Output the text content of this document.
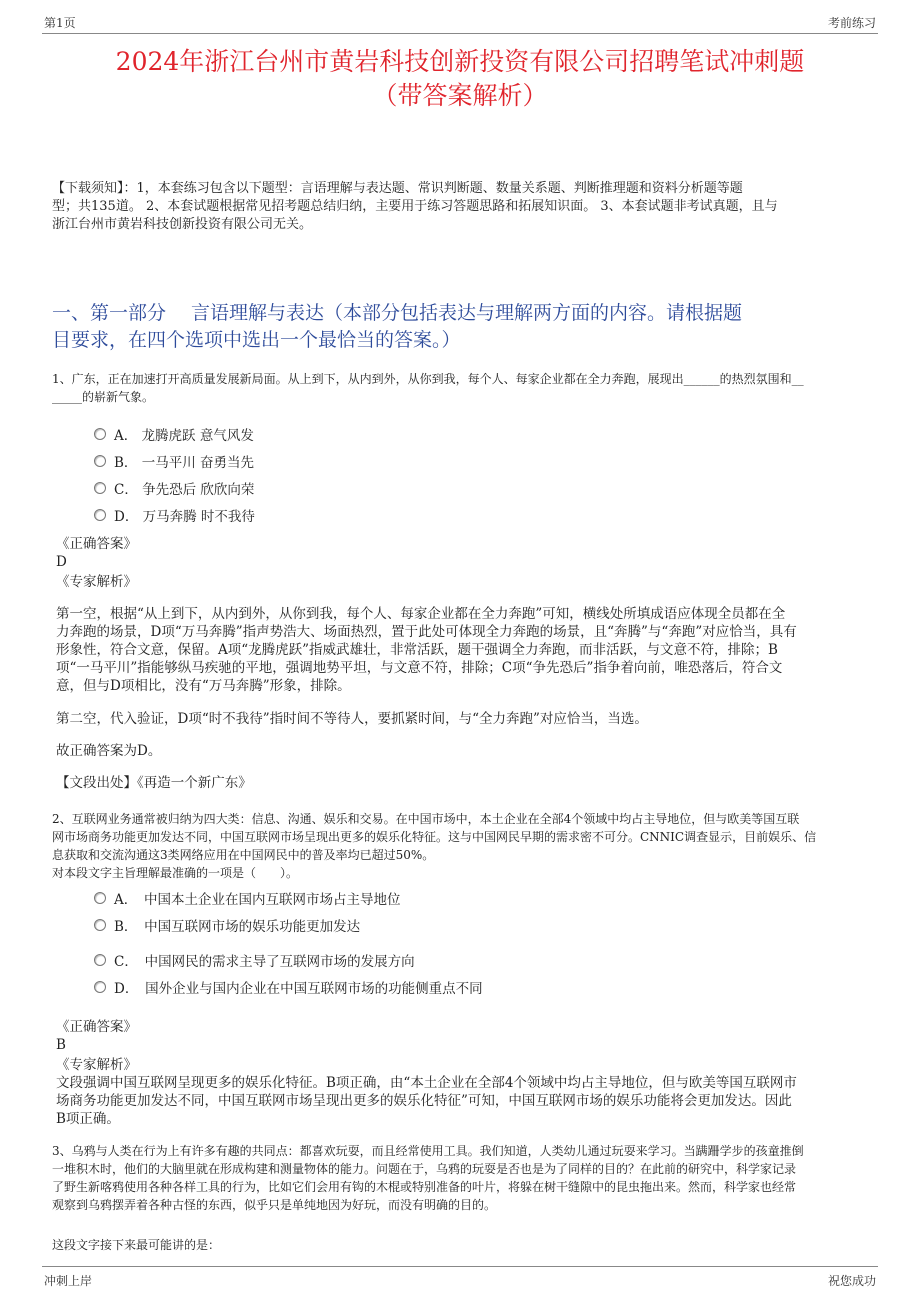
第1页	考前练习
2024年浙江台州市黄岩科技创新投资有限公司招聘笔试冲刺题
（带答案解析）
【下载须知】：1，本套练习包含以下题型：言语理解与表达题、常识判断题、数量关系题、判断推理题和资料分析题等题
型；共135道。 2、本套试题根据常见招考题总结归纳，主要用于练习答题思路和拓展知识面。 3、本套试题非考试真题，且与
浙江台州市黄岩科技创新投资有限公司无关。
一、第一部分　 言语理解与表达（本部分包括表达与理解两方面的内容。请根据题
目要求，在四个选项中选出一个最恰当的答案。）
1、广东，正在加速打开高质量发展新局面。从上到下，从内到外，从你到我，每个人、每家企业都在全力奔跑，展现出______的热烈氛围和__
_____的崭新气象。
A． 龙腾虎跃 意气风发
B． 一马平川 奋勇当先
C． 争先恐后 欣欣向荣
D． 万马奔腾 时不我待
《正确答案》
D
《专家解析》
第一空，根据“从上到下，从内到外，从你到我，每个人、每家企业都在全力奔跑”可知，横线处所填成语应体现全员都在全
力奔跑的场景，D项“万马奔腾”指声势浩大、场面热烈，置于此处可体现全力奔跑的场景，且“奔腾”与“奔跑”对应恰当，具有
形象性，符合文意，保留。A项“龙腾虎跃”指威武雄壮，非常活跃，题干强调全力奔跑，而非活跃，与文意不符，排除；B
项“一马平川”指能够纵马疾驰的平地，强调地势平坦，与文意不符，排除；C项“争先恐后”指争着向前，唯恐落后，符合文
意，但与D项相比，没有“万马奔腾”形象，排除。
第二空，代入验证，D项“时不我待”指时间不等待人，要抓紧时间，与“全力奔跑”对应恰当，当选。
故正确答案为D。
【文段出处】《再造一个新广东》
2、互联网业务通常被归纳为四大类：信息、沟通、娱乐和交易。在中国市场中，本土企业在全部4个领域中均占主导地位，但与欧美等国互联
网市场商务功能更加发达不同，中国互联网市场呈现出更多的娱乐化特征。这与中国网民早期的需求密不可分。CNNIC调查显示，目前娱乐、信
息获取和交流沟通这3类网络应用在中国网民中的普及率均已超过50%。
对本段文字主旨理解最准确的一项是（　　）。
A．　中国本土企业在国内互联网市场占主导地位
B．　中国互联网市场的娱乐功能更加发达
C．　中国网民的需求主导了互联网市场的发展方向
D．　国外企业与国内企业在中国互联网市场的功能侧重点不同
《正确答案》
B
《专家解析》
文段强调中国互联网呈现更多的娱乐化特征。B项正确，由“本土企业在全部4个领域中均占主导地位，但与欧美等国互联网市
场商务功能更加发达不同，中国互联网市场呈现出更多的娱乐化特征”可知，中国互联网市场的娱乐功能将会更加发达。因此
B项正确。
3、乌鸦与人类在行为上有许多有趣的共同点：都喜欢玩耍，而且经常使用工具。我们知道，人类幼儿通过玩耍来学习。当蹒跚学步的孩童推倒
一堆积木时，他们的大脑里就在形成构建和测量物体的能力。问题在于，乌鸦的玩耍是否也是为了同样的目的？在此前的研究中，科学家记录
了野生新喀鸦使用各种各样工具的行为，比如它们会用有钩的木棍或特别准备的叶片，将躲在树干缝隙中的昆虫拖出来。然而，科学家也经常
观察到乌鸦摆弄着各种古怪的东西，似乎只是单纯地因为好玩，而没有明确的目的。
这段文字接下来最可能讲的是：
冲刺上岸	祝您成功
